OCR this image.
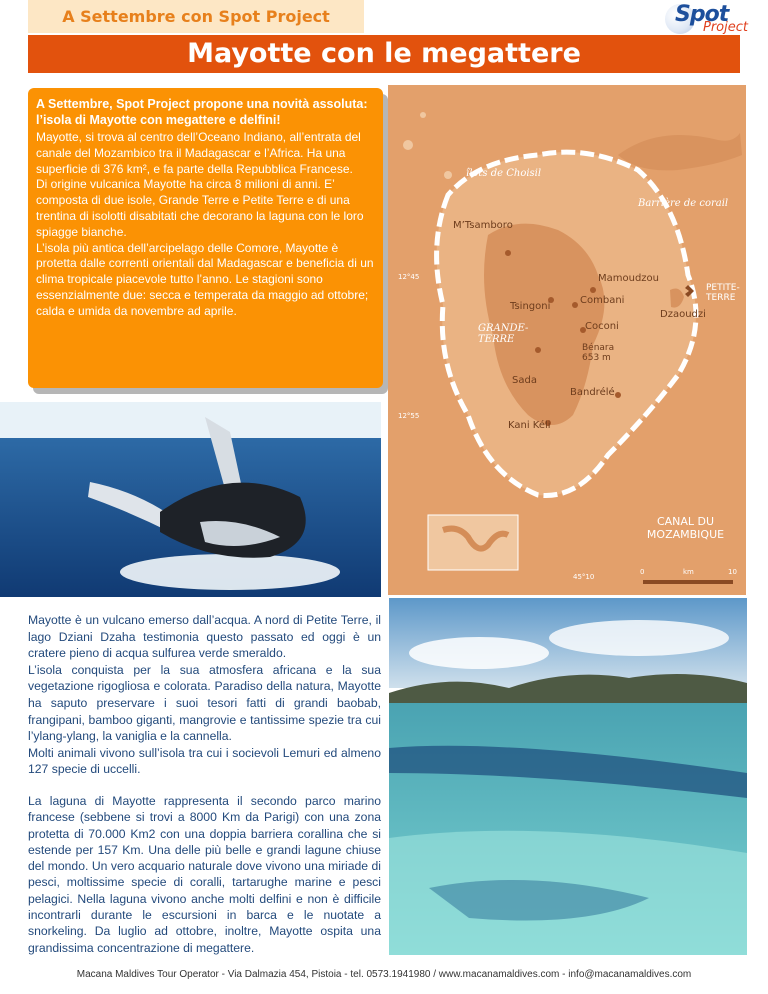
A Settembre con Spot Project	Spot
Project
Mayotte con le megattere

A Settembre, Spot Project propone una novità assoluta: l’isola di Mayotte con megattere e delfini!

Mayotte, si trova al centro dell’Oceano Indiano, all’entrata del canale del Mozambico tra il Madagascar e l’Africa. Ha una superficie di 376 km², e fa parte della Repubblica Francese.

Di origine vulcanica Mayotte ha circa 8 milioni di anni. E’ composta di due isole, Grande Terre e Petite Terre e di una trentina di isolotti disabitati che decorano la laguna con le loro spiagge bianche.

L’isola più antica dell’arcipelago delle Comore, Mayotte è protetta dalle correnti orientali dal Madagascar e beneficia di un clima tropicale piacevole tutto l’anno. Le stagioni sono essenzialmente due: secca e temperata da maggio ad ottobre; calda e umida da novembre ad aprile.

îlots de Choisil
Barrière de corail
M’Tsamboro
12°45	Mamoudzou
PETITE-TERRE
Tsingoni
Combani
Dzaoudzi
GRANDE-TERRE
Coconi
Sada
Bénara 653 m
Bandrélé
12°55
Kani Kéli
CANAL DU MOZAMBIQUE
45°10
0	km	10

Mayotte è un vulcano emerso dall’acqua. A nord di Petite Terre, il lago Dziani Dzaha testimonia questo passato ed oggi è un cratere pieno di acqua sulfurea verde smeraldo.

L’isola conquista per la sua atmosfera africana e la sua vegetazione rigogliosa e colorata. Paradiso della natura, Mayotte ha saputo preservare i suoi tesori fatti di grandi baobab, frangipani, bamboo giganti, mangrovie e tantissime spezie tra cui l’ylang-ylang, la vaniglia e la cannella.

Molti animali vivono sull’isola tra cui i socievoli Lemuri ed almeno 127 specie di uccelli.

La laguna di Mayotte rappresenta il secondo parco marino francese (sebbene si trovi a 8000 Km da Parigi) con una zona protetta di 70.000 Km2 con una doppia barriera corallina che si estende per 157 Km. Una delle più belle e grandi lagune chiuse del mondo. Un vero acquario naturale dove vivono una miriade di pesci, moltissime specie di coralli, tartarughe marine e pesci pelagici. Nella laguna vivono anche molti delfini e non è difficile incontrarli durante le escursioni in barca e le nuotate a snorkeling. Da luglio ad ottobre, inoltre, Mayotte ospita una grandissima concentrazione di megattere.

Macana Maldives Tour Operator - Via Dalmazia 454, Pistoia - tel. 0573.1941980 / www.macanamaldives.com - info@macanamaldives.com
